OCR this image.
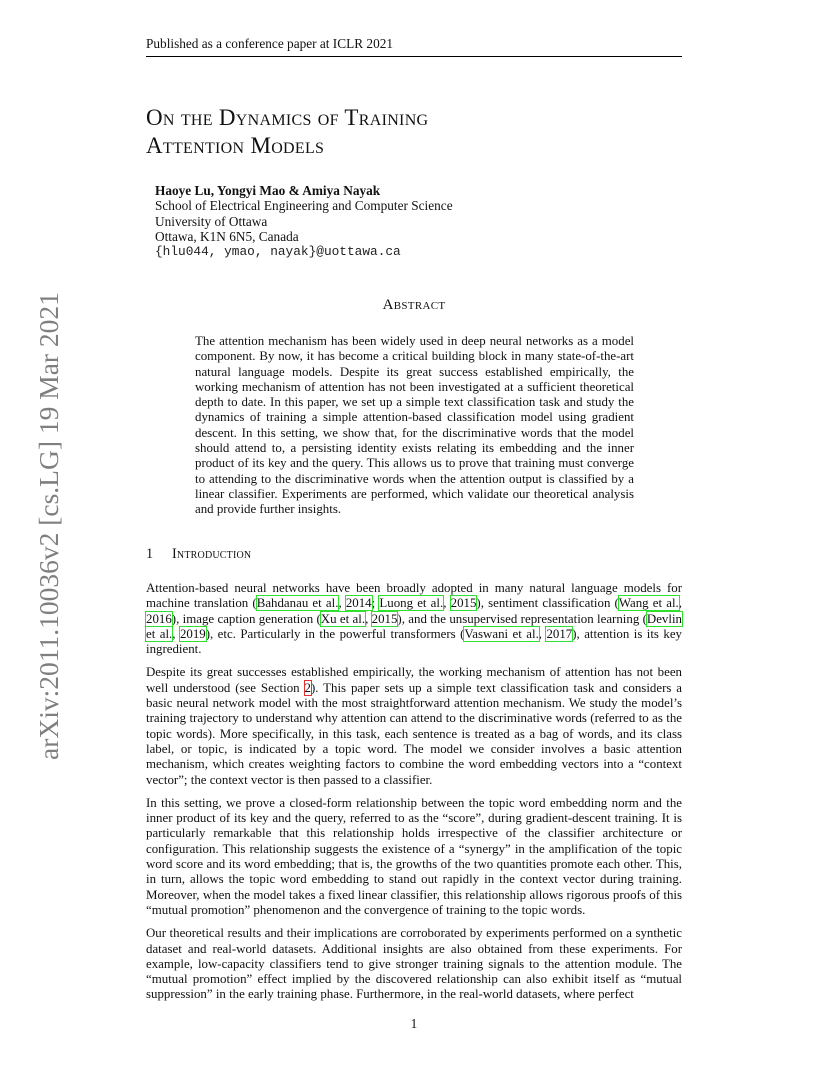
Published as a conference paper at ICLR 2021
arXiv:2011.10036v2 [cs.LG] 19 Mar 2021
On the Dynamics of Training
Attention Models
Haoye Lu, Yongyi Mao & Amiya Nayak
School of Electrical Engineering and Computer Science
University of Ottawa
Ottawa, K1N 6N5, Canada
{hlu044, ymao, nayak}@uottawa.ca
Abstract
The attention mechanism has been widely used in deep neural networks as a model component. By now, it has become a critical building block in many state-of-the-art natural language models. Despite its great success established empirically, the working mechanism of attention has not been investigated at a sufficient theoretical depth to date. In this paper, we set up a simple text classification task and study the dynamics of training a simple attention-based classification model using gradient descent. In this setting, we show that, for the discriminative words that the model should attend to, a persisting identity exists relating its embedding and the inner product of its key and the query. This allows us to prove that training must converge to attending to the discriminative words when the attention output is classified by a linear classifier. Experiments are performed, which validate our theoretical analysis and provide further insights.
1 Introduction

Attention-based neural networks have been broadly adopted in many natural language models for machine translation (Bahdanau et al., 2014; Luong et al., 2015), sentiment classification (Wang et al., 2016), image caption generation (Xu et al., 2015), and the unsupervised representation learning (Devlin et al., 2019), etc. Particularly in the powerful transformers (Vaswani et al., 2017), attention is its key ingredient.

Despite its great successes established empirically, the working mechanism of attention has not been well understood (see Section 2). This paper sets up a simple text classification task and considers a basic neural network model with the most straightforward attention mechanism. We study the model’s training trajectory to understand why attention can attend to the discriminative words (referred to as the topic words). More specifically, in this task, each sentence is treated as a bag of words, and its class label, or topic, is indicated by a topic word. The model we consider involves a basic attention mechanism, which creates weighting factors to combine the word embedding vectors into a “context vector”; the context vector is then passed to a classifier.

In this setting, we prove a closed-form relationship between the topic word embedding norm and the inner product of its key and the query, referred to as the “score”, during gradient-descent training. It is particularly remarkable that this relationship holds irrespective of the classifier architecture or configuration. This relationship suggests the existence of a “synergy” in the amplification of the topic word score and its word embedding; that is, the growths of the two quantities promote each other. This, in turn, allows the topic word embedding to stand out rapidly in the context vector during training. Moreover, when the model takes a fixed linear classifier, this relationship allows rigorous proofs of this “mutual promotion” phenomenon and the convergence of training to the topic words.

Our theoretical results and their implications are corroborated by experiments performed on a synthetic dataset and real-world datasets. Additional insights are also obtained from these experiments. For example, low-capacity classifiers tend to give stronger training signals to the attention module. The “mutual promotion” effect implied by the discovered relationship can also exhibit itself as “mutual suppression” in the early training phase. Furthermore, in the real-world datasets, where perfect

1
